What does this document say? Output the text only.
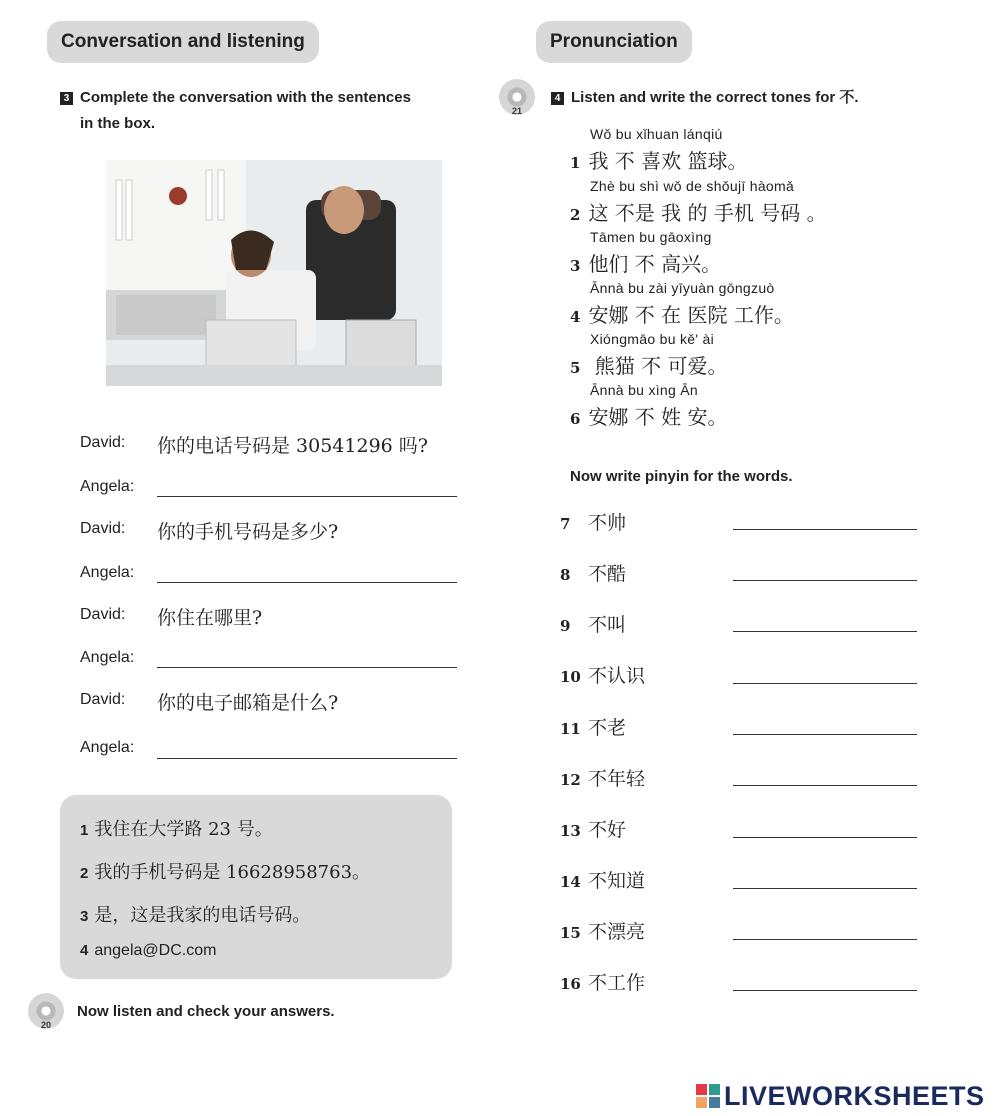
Conversation and listening
3 Complete the conversation with the sentences
in the box.
David: 你的电话号码是 30541296 吗?
Angela:
David: 你的手机号码是多少?
Angela:
David: 你住在哪里?
Angela:
David: 你的电子邮箱是什么?
Angela:
1 我住在大学路 23 号。
2 我的手机号码是 16628958763。
3 是，这是我家的电话号码。
4 angela@DC.com
20
Now listen and check your answers.
Pronunciation
21
4 Listen and write the correct tones for 不.
Wǒ bu xǐhuan lánqiú
1 我 不 喜欢 篮球。
Zhè bu shì wǒ de shǒujī hàomǎ
2 这 不是 我 的 手机 号码 。
Tāmen bu gāoxìng
3 他们 不 高兴。
Ānnà bu zài yīyuàn gōngzuò
4 安娜 不 在 医院 工作。
Xióngmāo bu kě' ài
5 熊猫 不 可爱。
Ānnà bu xìng Ān
6 安娜 不 姓 安。
Now write pinyin for the words.
7 不帅
8 不酷
9 不叫
10 不认识
11 不老
12 不年轻
13 不好
14 不知道
15 不漂亮
16 不工作
LIVEWORKSHEETS
